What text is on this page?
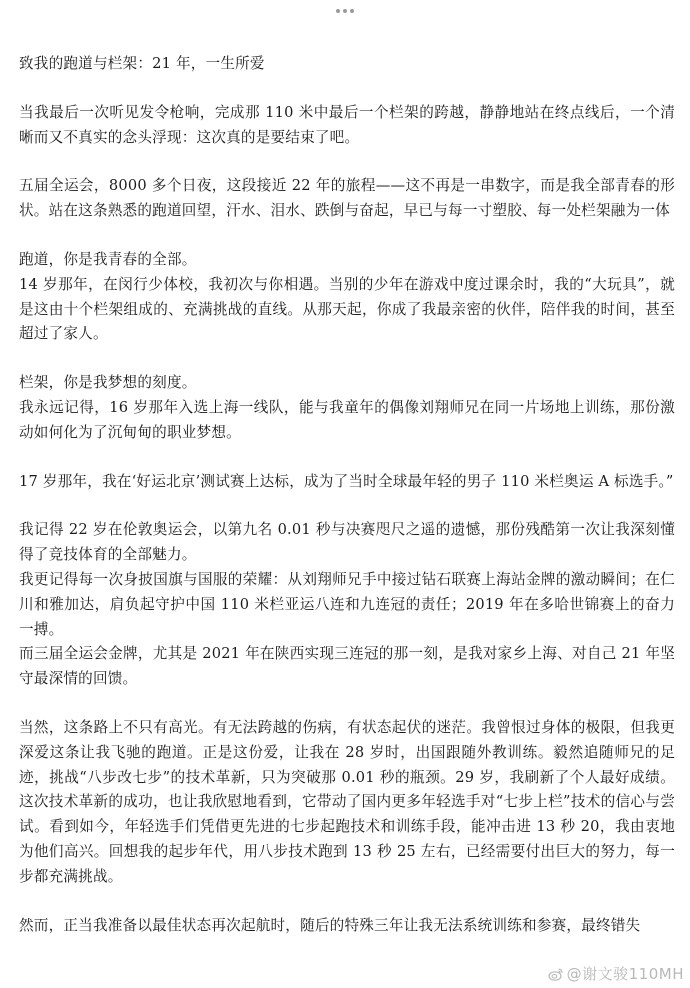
致我的跑道与栏架：21 年，一生所爱

当我最后一次听见发令枪响，完成那 110 米中最后一个栏架的跨越，静静地站在终点线后，一个清晰而又不真实的念头浮现：这次真的是要结束了吧。

五届全运会，8000 多个日夜，这段接近 22 年的旅程——这不再是一串数字，而是我全部青春的形状。站在这条熟悉的跑道回望，汗水、泪水、跌倒与奋起，早已与每一寸塑胶、每一处栏架融为一体

跑道，你是我青春的全部。

14 岁那年，在闵行少体校，我初次与你相遇。当别的少年在游戏中度过课余时，我的“大玩具”，就是这由十个栏架组成的、充满挑战的直线。从那天起，你成了我最亲密的伙伴，陪伴我的时间，甚至超过了家人。

栏架，你是我梦想的刻度。

我永远记得，16 岁那年入选上海一线队，能与我童年的偶像刘翔师兄在同一片场地上训练，那份激动如何化为了沉甸甸的职业梦想。

17 岁那年，我在‘好运北京’测试赛上达标，成为了当时全球最年轻的男子 110 米栏奥运 A 标选手。”

我记得 22 岁在伦敦奥运会，以第九名 0.01 秒与决赛咫尺之遥的遗憾，那份残酷第一次让我深刻懂得了竞技体育的全部魅力。

我更记得每一次身披国旗与国服的荣耀：从刘翔师兄手中接过钻石联赛上海站金牌的激动瞬间；在仁川和雅加达，肩负起守护中国 110 米栏亚运八连和九连冠的责任；2019 年在多哈世锦赛上的奋力一搏。

而三届全运会金牌，尤其是 2021 年在陕西实现三连冠的那一刻，是我对家乡上海、对自己 21 年坚守最深情的回馈。

当然，这条路上不只有高光。有无法跨越的伤病，有状态起伏的迷茫。我曾恨过身体的极限，但我更深爱这条让我飞驰的跑道。正是这份爱，让我在 28 岁时，出国跟随外教训练。毅然追随师兄的足迹，挑战“八步改七步”的技术革新，只为突破那 0.01 秒的瓶颈。29 岁，我刷新了个人最好成绩。这次技术革新的成功，也让我欣慰地看到，它带动了国内更多年轻选手对“七步上栏”技术的信心与尝试。看到如今，年轻选手们凭借更先进的七步起跑技术和训练手段，能冲击进 13 秒 20，我由衷地为他们高兴。回想我的起步年代，用八步技术跑到 13 秒 25 左右，已经需要付出巨大的努力，每一步都充满挑战。

然而，正当我准备以最佳状态再次起航时，随后的特殊三年让我无法系统训练和参赛，最终错失

@谢文骏110MH
